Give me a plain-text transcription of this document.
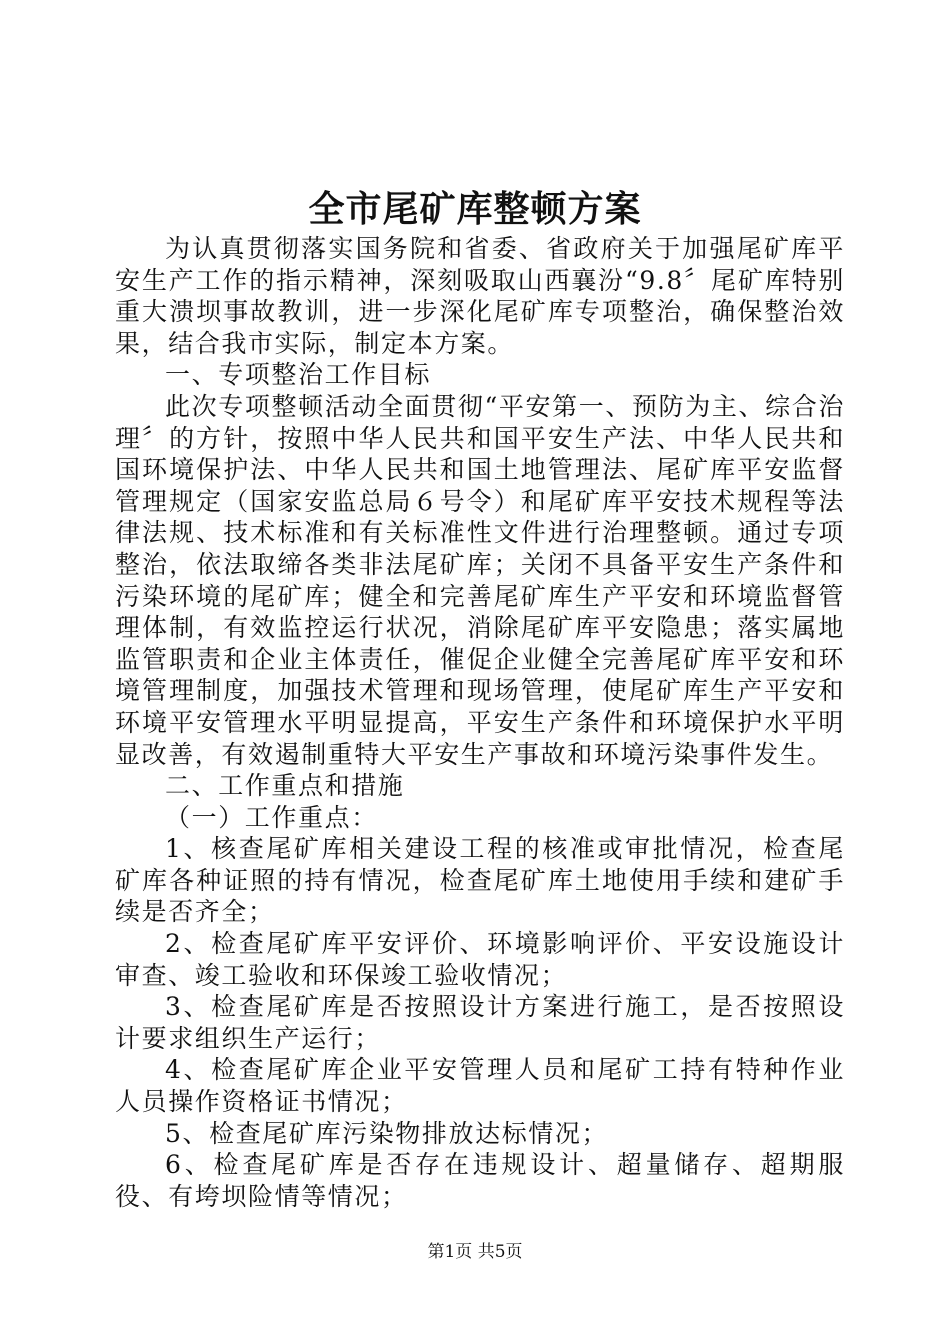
全市尾矿库整顿方案

为认真贯彻落实国务院和省委、省政府关于加强尾矿库平安生产工作的指示精神，深刻吸取山西襄汾“9.8〞尾矿库特别重大溃坝事故教训，进一步深化尾矿库专项整治，确保整治效果，结合我市实际，制定本方案。

一、专项整治工作目标

此次专项整顿活动全面贯彻“平安第一、预防为主、综合治理〞的方针，按照中华人民共和国平安生产法、中华人民共和国环境保护法、中华人民共和国土地管理法、尾矿库平安监督管理规定（国家安监总局６号令）和尾矿库平安技术规程等法律法规、技术标准和有关标准性文件进行治理整顿。通过专项整治，依法取缔各类非法尾矿库；关闭不具备平安生产条件和污染环境的尾矿库；健全和完善尾矿库生产平安和环境监督管理体制，有效监控运行状况，消除尾矿库平安隐患；落实属地监管职责和企业主体责任，催促企业健全完善尾矿库平安和环境管理制度，加强技术管理和现场管理，使尾矿库生产平安和环境平安管理水平明显提高，平安生产条件和环境保护水平明显改善，有效遏制重特大平安生产事故和环境污染事件发生。

二、工作重点和措施

（一）工作重点：

1、核查尾矿库相关建设工程的核准或审批情况，检查尾矿库各种证照的持有情况，检查尾矿库土地使用手续和建矿手续是否齐全；

2、检查尾矿库平安评价、环境影响评价、平安设施设计审查、竣工验收和环保竣工验收情况；

3、检查尾矿库是否按照设计方案进行施工，是否按照设计要求组织生产运行；

4、检查尾矿库企业平安管理人员和尾矿工持有特种作业人员操作资格证书情况；

5、检查尾矿库污染物排放达标情况；

6、检查尾矿库是否存在违规设计、超量储存、超期服役、有垮坝险情等情况；

第1页 共5页
